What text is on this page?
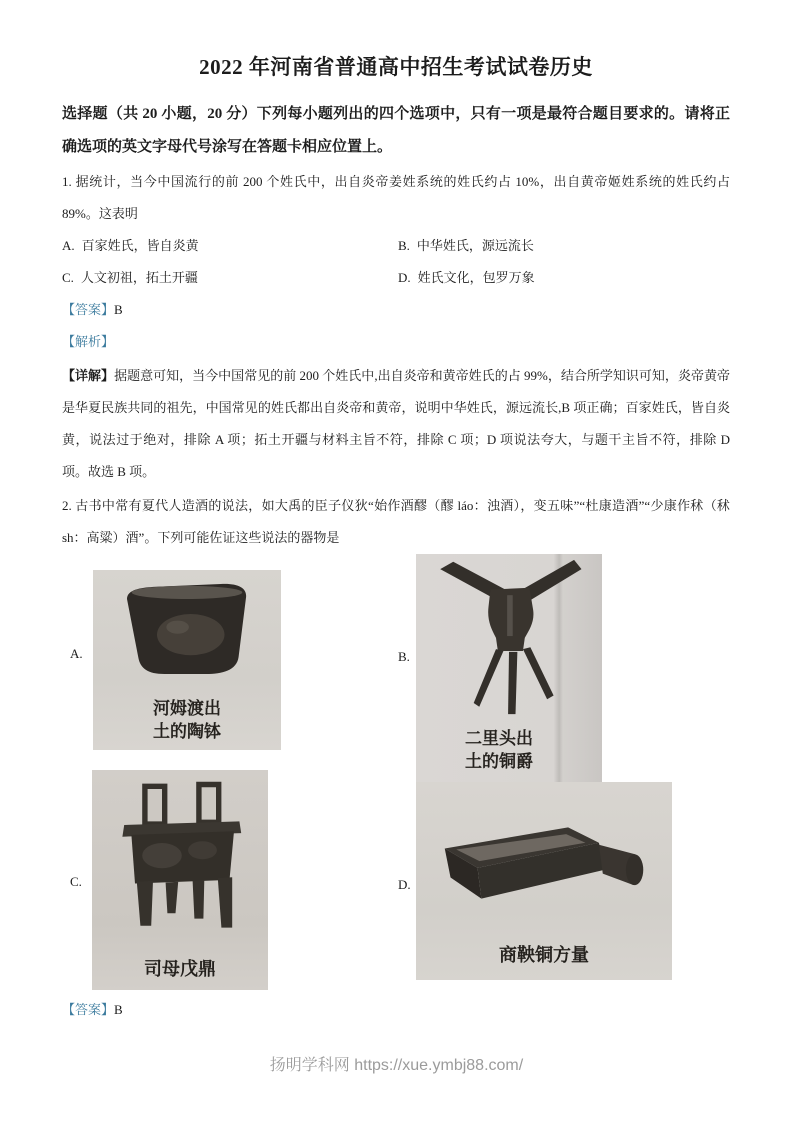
2022 年河南省普通高中招生考试试卷历史

选择题（共 20 小题，20 分）下列每小题列出的四个选项中，只有一项是最符合题目要求的。请将正确选项的英文字母代号涂写在答题卡相应位置上。

1. 据统计，当今中国流行的前 200 个姓氏中，出自炎帝姜姓系统的姓氏约占 10%，出自黄帝姬姓系统的姓氏约占 89%。这表明

A. 百家姓氏，皆自炎黄	B. 中华姓氏，源远流长
C. 人文初祖，拓土开疆	D. 姓氏文化，包罗万象

【答案】B

【解析】

【详解】据题意可知，当今中国常见的前 200 个姓氏中,出自炎帝和黄帝姓氏的占 99%，结合所学知识可知，炎帝黄帝是华夏民族共同的祖先，中国常见的姓氏都出自炎帝和黄帝，说明中华姓氏，源远流长,B 项正确；百家姓氏，皆自炎黄，说法过于绝对，排除 A 项；拓土开疆与材料主旨不符，排除 C 项；D 项说法夸大，与题干主旨不符，排除 D 项。故选 B 项。

2. 古书中常有夏代人造酒的说法，如大禹的臣子仪狄“始作酒醪（醪 láo：浊酒），变五味”“杜康造酒”“少康作秫（秫 sh：高粱）酒”。下列可能佐证这些说法的器物是

A.
河姆渡出
土的陶钵
B.
二里头出
土的铜爵
C.
司母戊鼎
D.
商鞅铜方量

【答案】B

扬明学科网 https://xue.ymbj88.com/
